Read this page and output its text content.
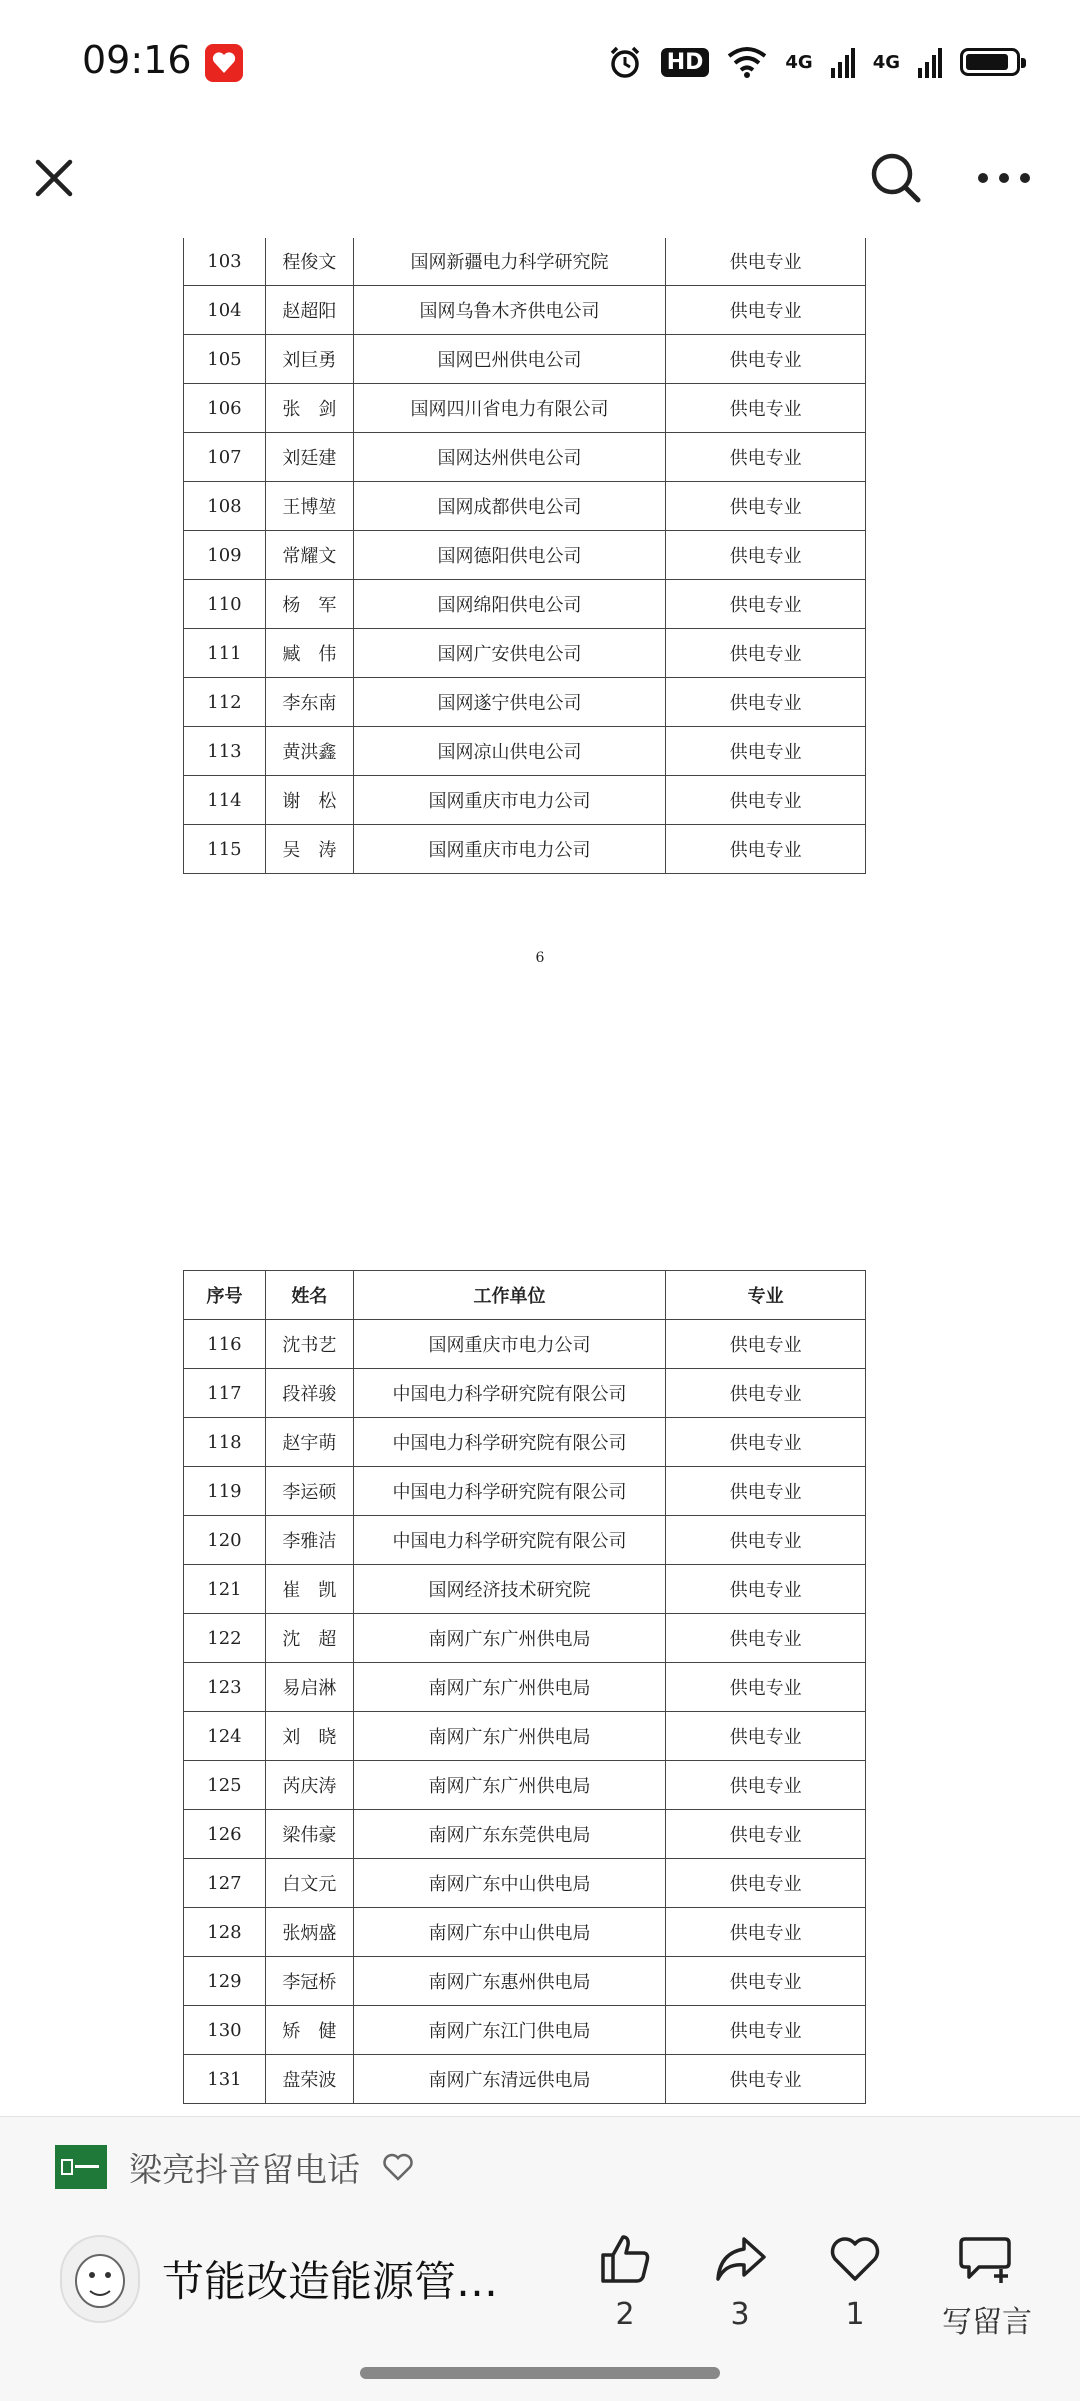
09:16	HD	4G	4G
103	程俊文	国网新疆电力科学研究院	供电专业
104	赵超阳	国网乌鲁木齐供电公司	供电专业
105	刘巨勇	国网巴州供电公司	供电专业
106	张　剑	国网四川省电力有限公司	供电专业
107	刘廷建	国网达州供电公司	供电专业
108	王博堃	国网成都供电公司	供电专业
109	常耀文	国网德阳供电公司	供电专业
110	杨　军	国网绵阳供电公司	供电专业
111	臧　伟	国网广安供电公司	供电专业
112	李东南	国网遂宁供电公司	供电专业
113	黄洪鑫	国网凉山供电公司	供电专业
114	谢　松	国网重庆市电力公司	供电专业
115	吴　涛	国网重庆市电力公司	供电专业
6
序号	姓名	工作单位	专业
116	沈书艺	国网重庆市电力公司	供电专业
117	段祥骏	中国电力科学研究院有限公司	供电专业
118	赵宇萌	中国电力科学研究院有限公司	供电专业
119	李运硕	中国电力科学研究院有限公司	供电专业
120	李雅洁	中国电力科学研究院有限公司	供电专业
121	崔　凯	国网经济技术研究院	供电专业
122	沈　超	南网广东广州供电局	供电专业
123	易启淋	南网广东广州供电局	供电专业
124	刘　晓	南网广东广州供电局	供电专业
125	芮庆涛	南网广东广州供电局	供电专业
126	梁伟豪	南网广东东莞供电局	供电专业
127	白文元	南网广东中山供电局	供电专业
128	张炳盛	南网广东中山供电局	供电专业
129	李冠桥	南网广东惠州供电局	供电专业
130	矫　健	南网广东江门供电局	供电专业
131	盘荣波	南网广东清远供电局	供电专业
梁亮抖音留电话
节能改造能源管…
2	3	1	写留言
